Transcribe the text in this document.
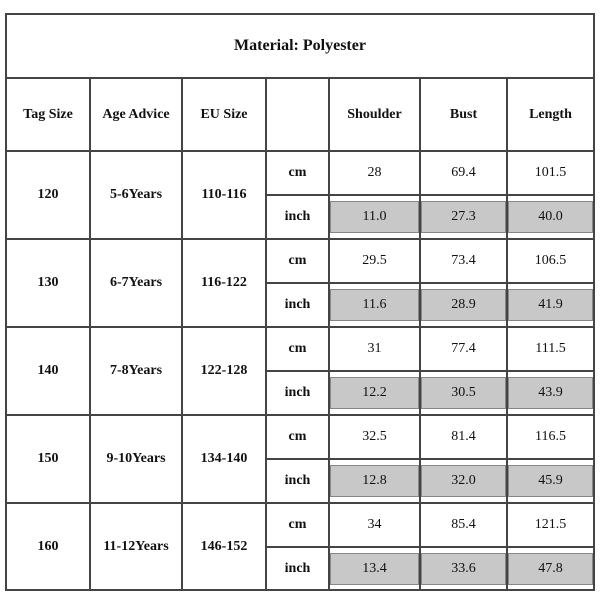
Material: Polyester
Tag Size	Age Advice	EU Size		Shoulder	Bust	Length
120	5-6Years	110-116	cm	28	69.4	101.5
			inch	11.0	27.3	40.0

130	6-7Years	116-122	cm	29.5	73.4	106.5
			inch	11.6	28.9	41.9

140	7-8Years	122-128	cm	31	77.4	111.5
			inch	12.2	30.5	43.9

150	9-10Years	134-140	cm	32.5	81.4	116.5
			inch	12.8	32.0	45.9

160	11-12Years	146-152	cm	34	85.4	121.5
			inch	13.4	33.6	47.8
